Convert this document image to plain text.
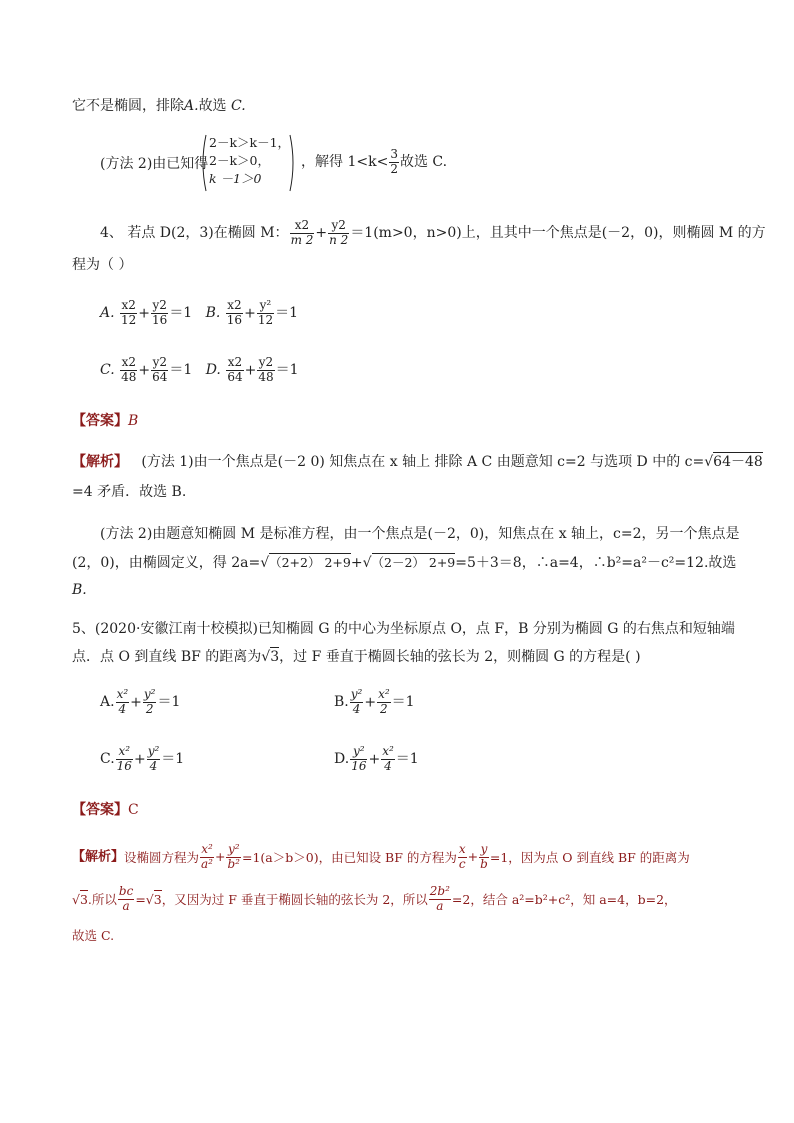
它不是椭圆，排除A.故选 C.
(方法 2)由已知得
2－k＞k－1，
2－k＞0，
k －1＞0
，解得 $1<k< \frac{3}{2}$ 故选 C.
4、 若点 D(2，3)在椭圆 M： $\frac{x2}{m 2} + \frac{y2}{n 2} =1(m>0$，n>0)上，且其中一个焦点是(－2，0)，则椭圆 M 的方
程为（ ）
A. $\frac{x2}{12} + \frac{y2}{16} =1$ B. $\frac{x2}{16} + \frac{\text{y²}}{12} =1$
C. $\frac{x2}{48} + \frac{y2}{64} =1$ D. $\frac{x2}{64} + \frac{y2}{48} =1$
【答案】B
【解析】 (方法 1)由一个焦点是(－2 0) 知焦点在 x 轴上 排除 A C 由题意知 c=2 与选项 D 中的 c=√64－48
=4 矛盾．故选 B.
(方法 2)由题意知椭圆 M 是标准方程，由一个焦点是(－2，0)，知焦点在 x 轴上，c=2，另一个焦点是
(2，0)，由椭圆定义，得 2a=√（2+2） 2+9+√（2－2） 2+9=5＋3＝8，∴a=4，∴b²=a²－c²=12.故选
B.
5、(2020·安徽江南十校模拟)已知椭圆 G 的中心为坐标原点 O，点 F，B 分别为椭圆 G 的右焦点和短轴端
点．点 O 到直线 BF 的距离为√3，过 F 垂直于椭圆长轴的弦长为 2，则椭圆 G 的方程是( )
A. $\frac{\text{x²}}{4} + \frac{\text{y²}}{2} =1$	B. $\frac{\text{y²}}{4} + \frac{\text{x²}}{2} =1$
C. $\frac{\text{x²}}{16} + \frac{\text{y²}}{4} =1$	D. $\frac{\text{y²}}{16} + \frac{\text{x²}}{4} =1$
【答案】C
【解析】设椭圆方程为 $\frac{\text{x²}}{\text{a²}} + \frac{\text{y²}}{\text{b²}} =1(a>b>0)$，由已知设 BF 的方程为 $\frac{x}{c} + \frac{y}{b} =1$，因为点 O 到直线 BF 的距离为
√3.所以 $\frac{bc}{a} =√3$，又因为过 F 垂直于椭圆长轴的弦长为 2，所以 $\frac{\text{2b²}}{a} =2$，结合 a²=b²+c²，知 a=4，b=2，
故选 C.
